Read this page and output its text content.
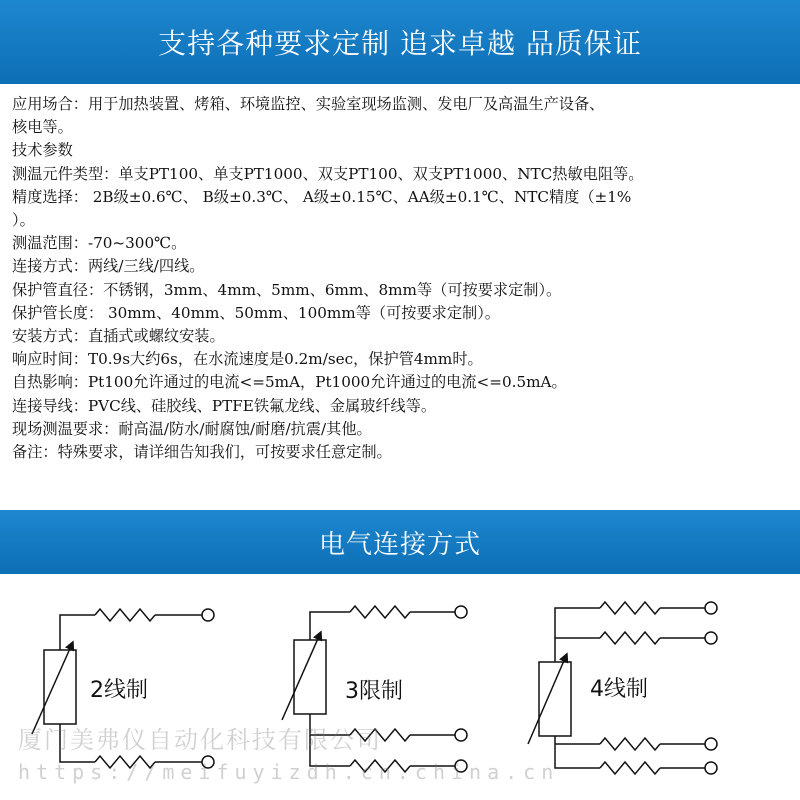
支持各种要求定制 追求卓越 品质保证
应用场合：用于加热装置、烤箱、环境监控、实验室现场监测、发电厂及高温生产设备、
核电等。
技术参数
测温元件类型：单支PT100、单支PT1000、双支PT100、双支PT1000、NTC热敏电阻等。
精度选择： 2B级±0.6℃、 B级±0.3℃、 A级±0.15℃、AA级±0.1℃、NTC精度（±1%
）。
测温范围：-70~300℃。
连接方式：两线/三线/四线。
保护管直径：不锈钢，3mm、4mm、5mm、6mm、8mm等（可按要求定制）。
保护管长度： 30mm、40mm、50mm、100mm等（可按要求定制）。
安装方式：直插式或螺纹安装。
响应时间：T0.9s大约6s，在水流速度是0.2m/sec，保护管4mm时。
自热影响：Pt100允许通过的电流<=5mA，Pt1000允许通过的电流<=0.5mA。
连接导线：PVC线、硅胶线、PTFE铁氟龙线、金属玻纤线等。
现场测温要求：耐高温/防水/耐腐蚀/耐磨/抗震/其他。
备注：特殊要求，请详细告知我们，可按要求任意定制。
电气连接方式
2线制	3限制	4线制
厦门美弗仪自动化科技有限公司
https://meifuyizdh.cn.china.cn
